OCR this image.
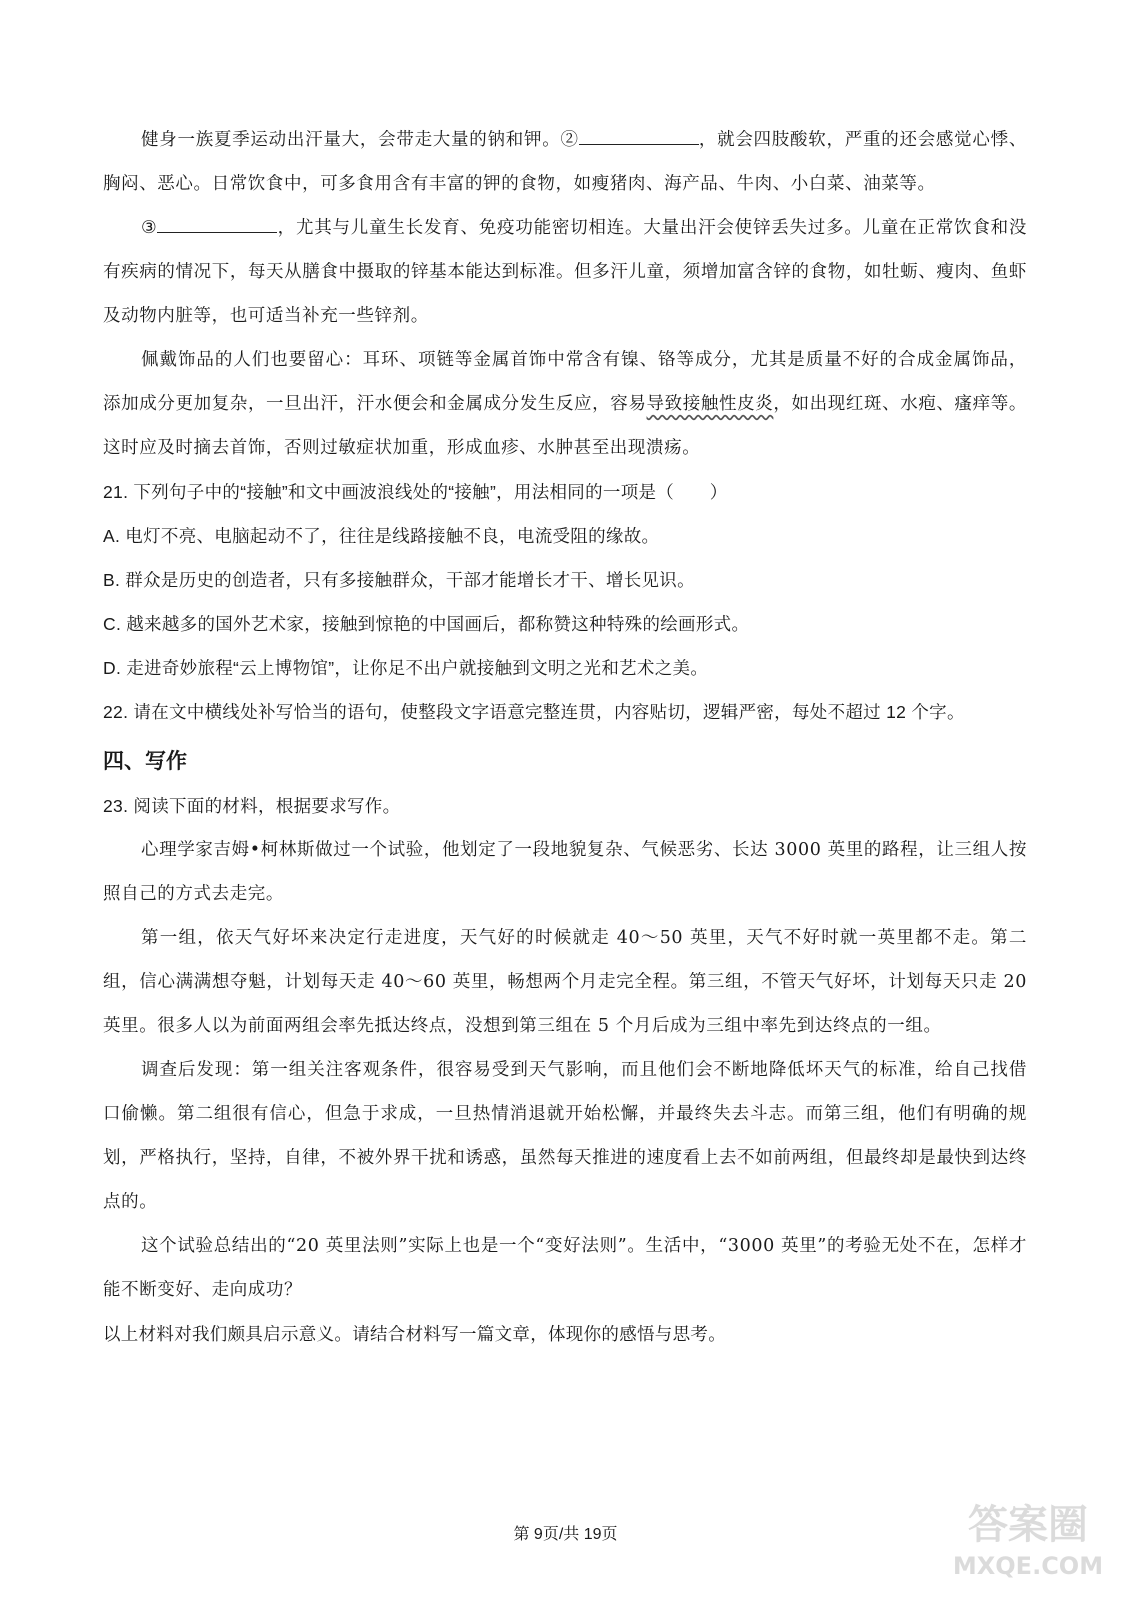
健身一族夏季运动出汗量大，会带走大量的钠和钾。②	，就会四肢酸软，严重的还会感觉心悸、胸闷、恶心。日常饮食中，可多食用含有丰富的钾的食物，如瘦猪肉、海产品、牛肉、小白菜、油菜等。

③	，尤其与儿童生长发育、免疫功能密切相连。大量出汗会使锌丢失过多。儿童在正常饮食和没有疾病的情况下，每天从膳食中摄取的锌基本能达到标准。但多汗儿童，须增加富含锌的食物，如牡蛎、瘦肉、鱼虾及动物内脏等，也可适当补充一些锌剂。

佩戴饰品的人们也要留心：耳环、项链等金属首饰中常含有镍、铬等成分，尤其是质量不好的合成金属饰品，添加成分更加复杂，一旦出汗，汗水便会和金属成分发生反应，容易导致接触性皮炎，如出现红斑、水疱、瘙痒等。这时应及时摘去首饰，否则过敏症状加重，形成血疹、水肿甚至出现溃疡。

21. 下列句子中的“接触”和文中画波浪线处的“接触”，用法相同的一项是（　　）

A. 电灯不亮、电脑起动不了，往往是线路接触不良，电流受阻的缘故。

B. 群众是历史的创造者，只有多接触群众，干部才能增长才干、增长见识。

C. 越来越多的国外艺术家，接触到惊艳的中国画后，都称赞这种特殊的绘画形式。

D. 走进奇妙旅程“云上博物馆”，让你足不出户就接触到文明之光和艺术之美。

22. 请在文中横线处补写恰当的语句，使整段文字语意完整连贯，内容贴切，逻辑严密，每处不超过 12 个字。

四、写作

23. 阅读下面的材料，根据要求写作。

心理学家吉姆•柯林斯做过一个试验，他划定了一段地貌复杂、气候恶劣、长达 3000 英里的路程，让三组人按照自己的方式去走完。

第一组，依天气好坏来决定行走进度，天气好的时候就走 40～50 英里，天气不好时就一英里都不走。第二组，信心满满想夺魁，计划每天走 40～60 英里，畅想两个月走完全程。第三组，不管天气好坏，计划每天只走 20 英里。很多人以为前面两组会率先抵达终点，没想到第三组在 5 个月后成为三组中率先到达终点的一组。

调查后发现：第一组关注客观条件，很容易受到天气影响，而且他们会不断地降低坏天气的标准，给自己找借口偷懒。第二组很有信心，但急于求成，一旦热情消退就开始松懈，并最终失去斗志。而第三组，他们有明确的规划，严格执行，坚持，自律，不被外界干扰和诱惑，虽然每天推进的速度看上去不如前两组，但最终却是最快到达终点的。

这个试验总结出的“20 英里法则”实际上也是一个“变好法则”。生活中，“3000 英里”的考验无处不在，怎样才能不断变好、走向成功？

以上材料对我们颇具启示意义。请结合材料写一篇文章，体现你的感悟与思考。

第 9页/共 19页	答案圈
MXQE.COM
